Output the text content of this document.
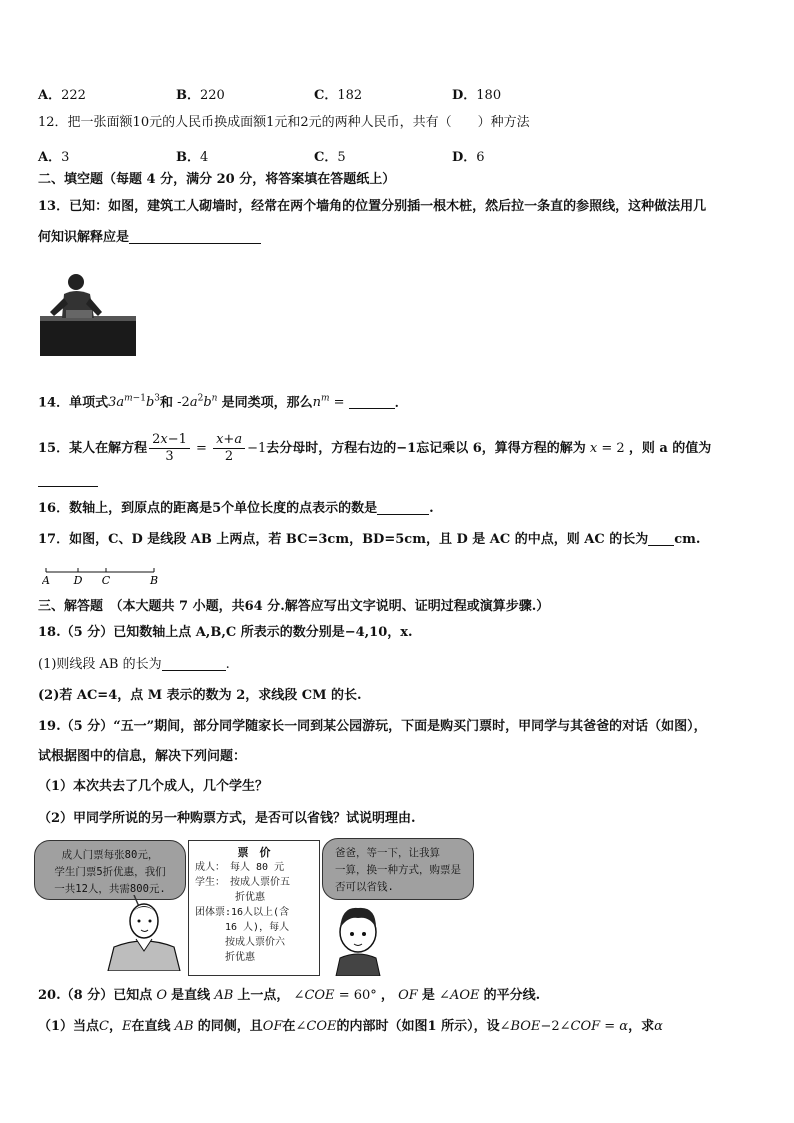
A．222	B．220	C．182	D．180
12．把一张面额10元的人民币换成面额1元和2元的两种人民币，共有（　　）种方法
A．3	B．4	C．5	D．6
二、填空题（每题 4 分，满分 20 分，将答案填在答题纸上）
13．已知：如图，建筑工人砌墙时，经常在两个墙角的位置分别插一根木桩，然后拉一条直的参照线，这种做法用几
何知识解释应是
14．单项式$3a^{m-1}b^3$和 $-2a^2b^n$ 是同类项，那么$n^m$ =	．
15．某人在解方程 $\frac{2x-1}{3} = \frac{x+a}{2} -1$去分母时，方程右边的−1忘记乘以 6，算得方程的解为 x = 2 ，则 a 的值为
16．数轴上，到原点的距离是5个单位长度的点表示的数是	.
17．如图，C、D 是线段 AB 上两点，若 BC=3cm，BD=5cm，且 D 是 AC 的中点，则 AC 的长为 cm.
A D C	B
三、解答题　（本大题共 7 小题，共64 分.解答应写出文字说明、证明过程或演算步骤.）
18.（5 分）已知数轴上点 A,B,C 所表示的数分别是−4,10，x.
(1)则线段 AB 的长为	.
(2)若 AC=4，点 M 表示的数为 2，求线段 CM 的长.
19.（5 分）“五一”期间，部分同学随家长一同到某公园游玩，下面是购买门票时，甲同学与其爸爸的对话（如图），
试根据图中的信息，解决下列问题：
（1）本次共去了几个成人，几个学生？
（2）甲同学所说的另一种购票方式，是否可以省钱？试说明理由.
成人门票每张80元，
学生门票5折优惠，我们
一共12人，共需800元.
票　价
成人：　每人 80 元
学生：　按成人票价五
　　　　折优惠
团体票:16人以上(含
　　　16 人)，每人
　　　按成人票价六
　　　折优惠
爸爸，等一下，让我算
一算，换一种方式，购票是
否可以省钱.
20.（8 分）已知点 O 是直线 AB 上一点， ∠COE = 60° ， OF 是 ∠AOE 的平分线.
（1）当点C，E在直线 AB 的同侧，且OF在∠COE的内部时（如图1 所示），设∠BOE−2∠COF = α，求α
